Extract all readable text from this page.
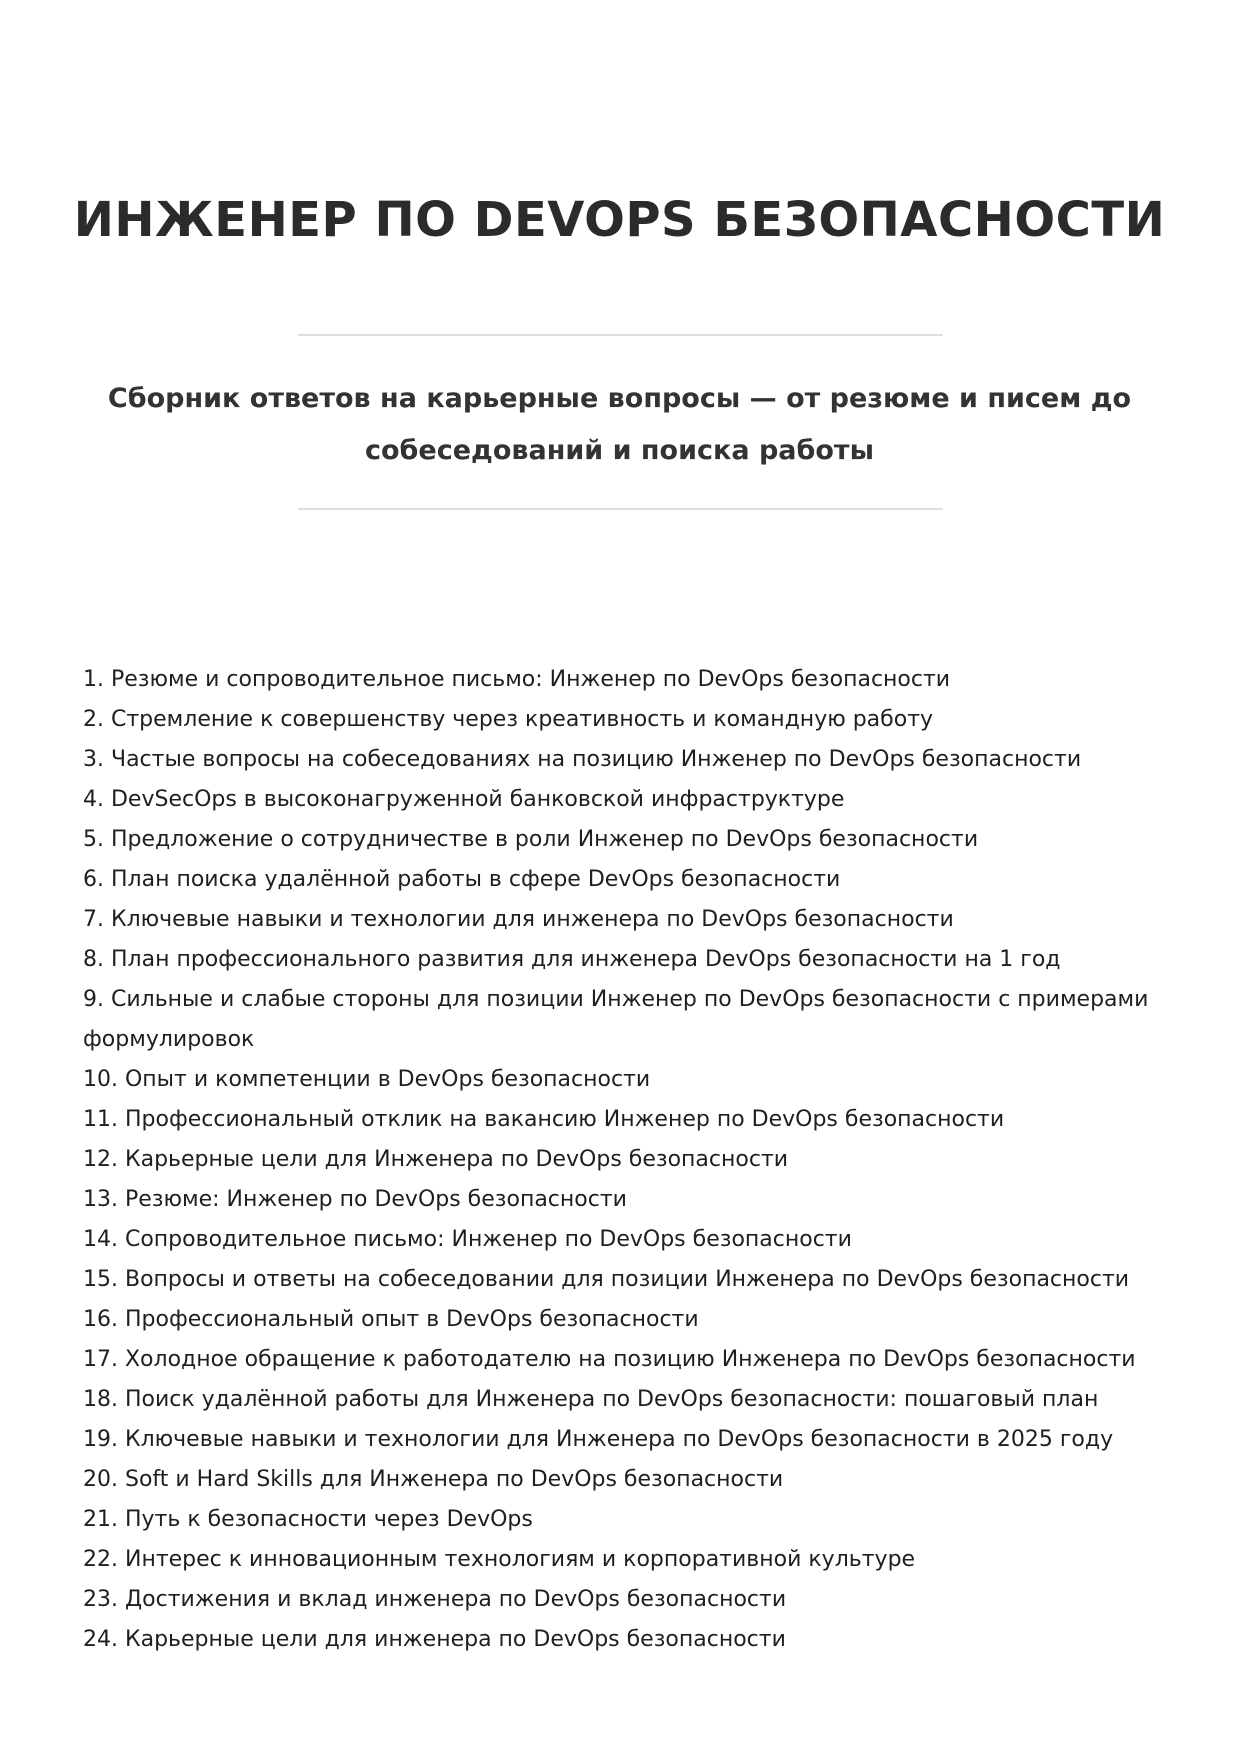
ИНЖЕНЕР ПО DEVOPS БЕЗОПАСНОСТИ

Сборник ответов на карьерные вопросы — от резюме и писем до собеседований и поиска работы

1. Резюме и сопроводительное письмо: Инженер по DevOps безопасности
2. Стремление к совершенству через креативность и командную работу
3. Частые вопросы на собеседованиях на позицию Инженер по DevOps безопасности
4. DevSecOps в высоконагруженной банковской инфраструктуре
5. Предложение о сотрудничестве в роли Инженер по DevOps безопасности
6. План поиска удалённой работы в сфере DevOps безопасности
7. Ключевые навыки и технологии для инженера по DevOps безопасности
8. План профессионального развития для инженера DevOps безопасности на 1 год
9. Сильные и слабые стороны для позиции Инженер по DevOps безопасности с примерами формулировок
10. Опыт и компетенции в DevOps безопасности
11. Профессиональный отклик на вакансию Инженер по DevOps безопасности
12. Карьерные цели для Инженера по DevOps безопасности
13. Резюме: Инженер по DevOps безопасности
14. Сопроводительное письмо: Инженер по DevOps безопасности
15. Вопросы и ответы на собеседовании для позиции Инженера по DevOps безопасности
16. Профессиональный опыт в DevOps безопасности
17. Холодное обращение к работодателю на позицию Инженера по DevOps безопасности
18. Поиск удалённой работы для Инженера по DevOps безопасности: пошаговый план
19. Ключевые навыки и технологии для Инженера по DevOps безопасности в 2025 году
20. Soft и Hard Skills для Инженера по DevOps безопасности
21. Путь к безопасности через DevOps
22. Интерес к инновационным технологиям и корпоративной культуре
23. Достижения и вклад инженера по DevOps безопасности
24. Карьерные цели для инженера по DevOps безопасности
